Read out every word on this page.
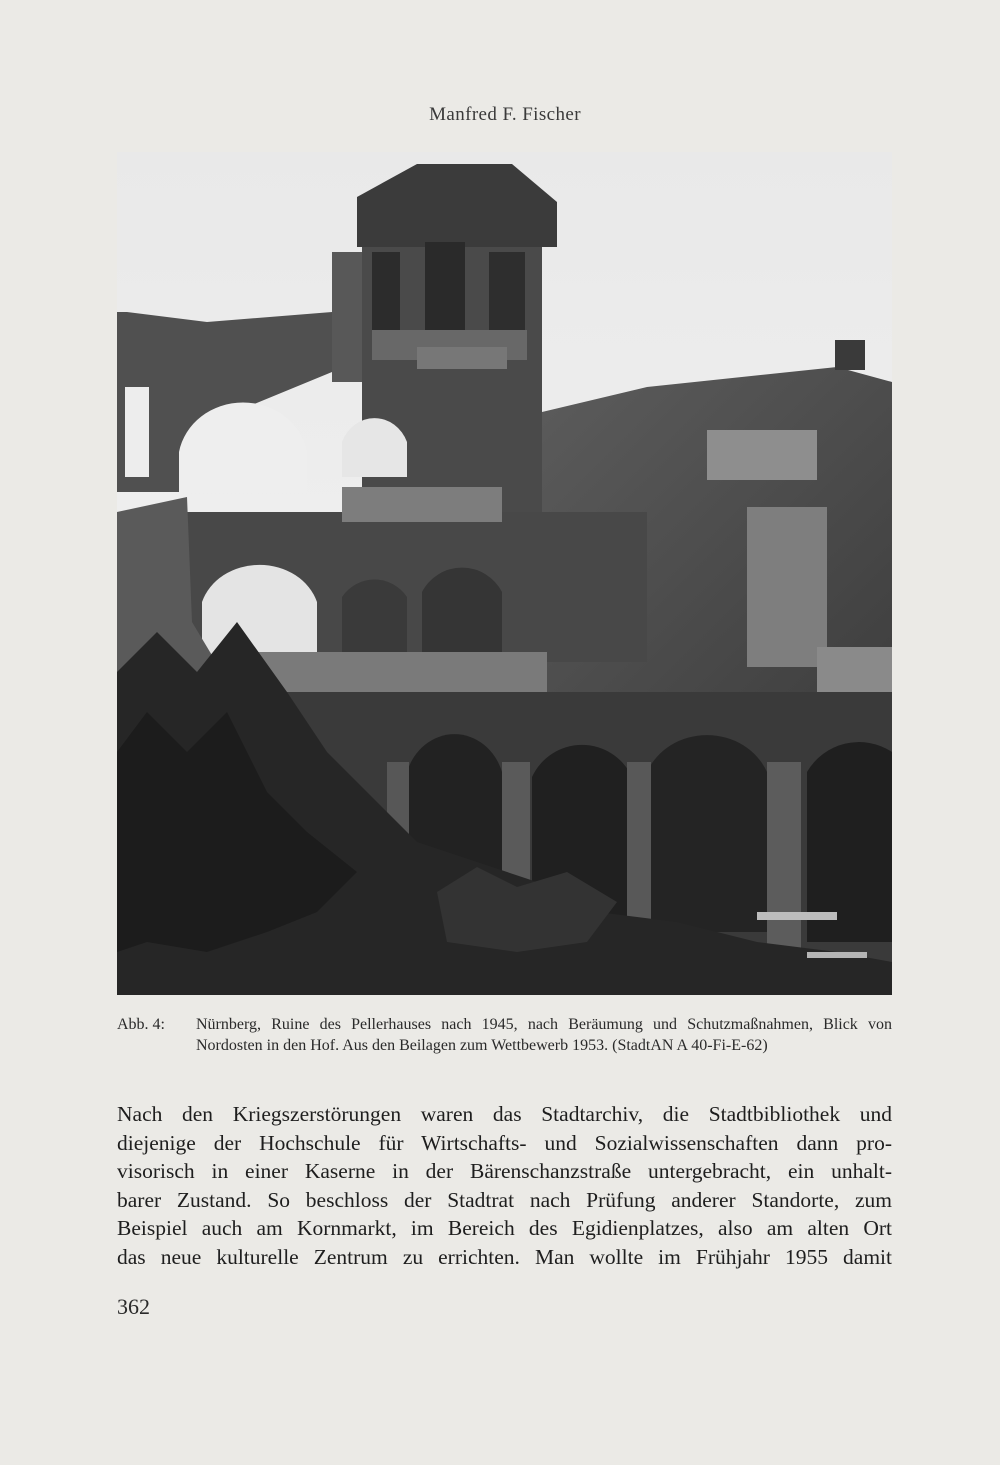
Manfred F. Fischer
Abb. 4: Nürnberg, Ruine des Pellerhauses nach 1945, nach Beräumung und Schutzmaßnahmen, Blick von Nordosten in den Hof. Aus den Beilagen zum Wettbewerb 1953. (StadtAN A 40-Fi-E-62)
Nach den Kriegszerstörungen waren das Stadtarchiv, die Stadtbibliothek und
diejenige der Hochschule für Wirtschafts- und Sozialwissenschaften dann pro-
visorisch in einer Kaserne in der Bärenschanzstraße untergebracht, ein unhalt-
barer Zustand. So beschloss der Stadtrat nach Prüfung anderer Standorte, zum
Beispiel auch am Kornmarkt, im Bereich des Egidienplatzes, also am alten Ort
das neue kulturelle Zentrum zu errichten. Man wollte im Frühjahr 1955 damit
362
